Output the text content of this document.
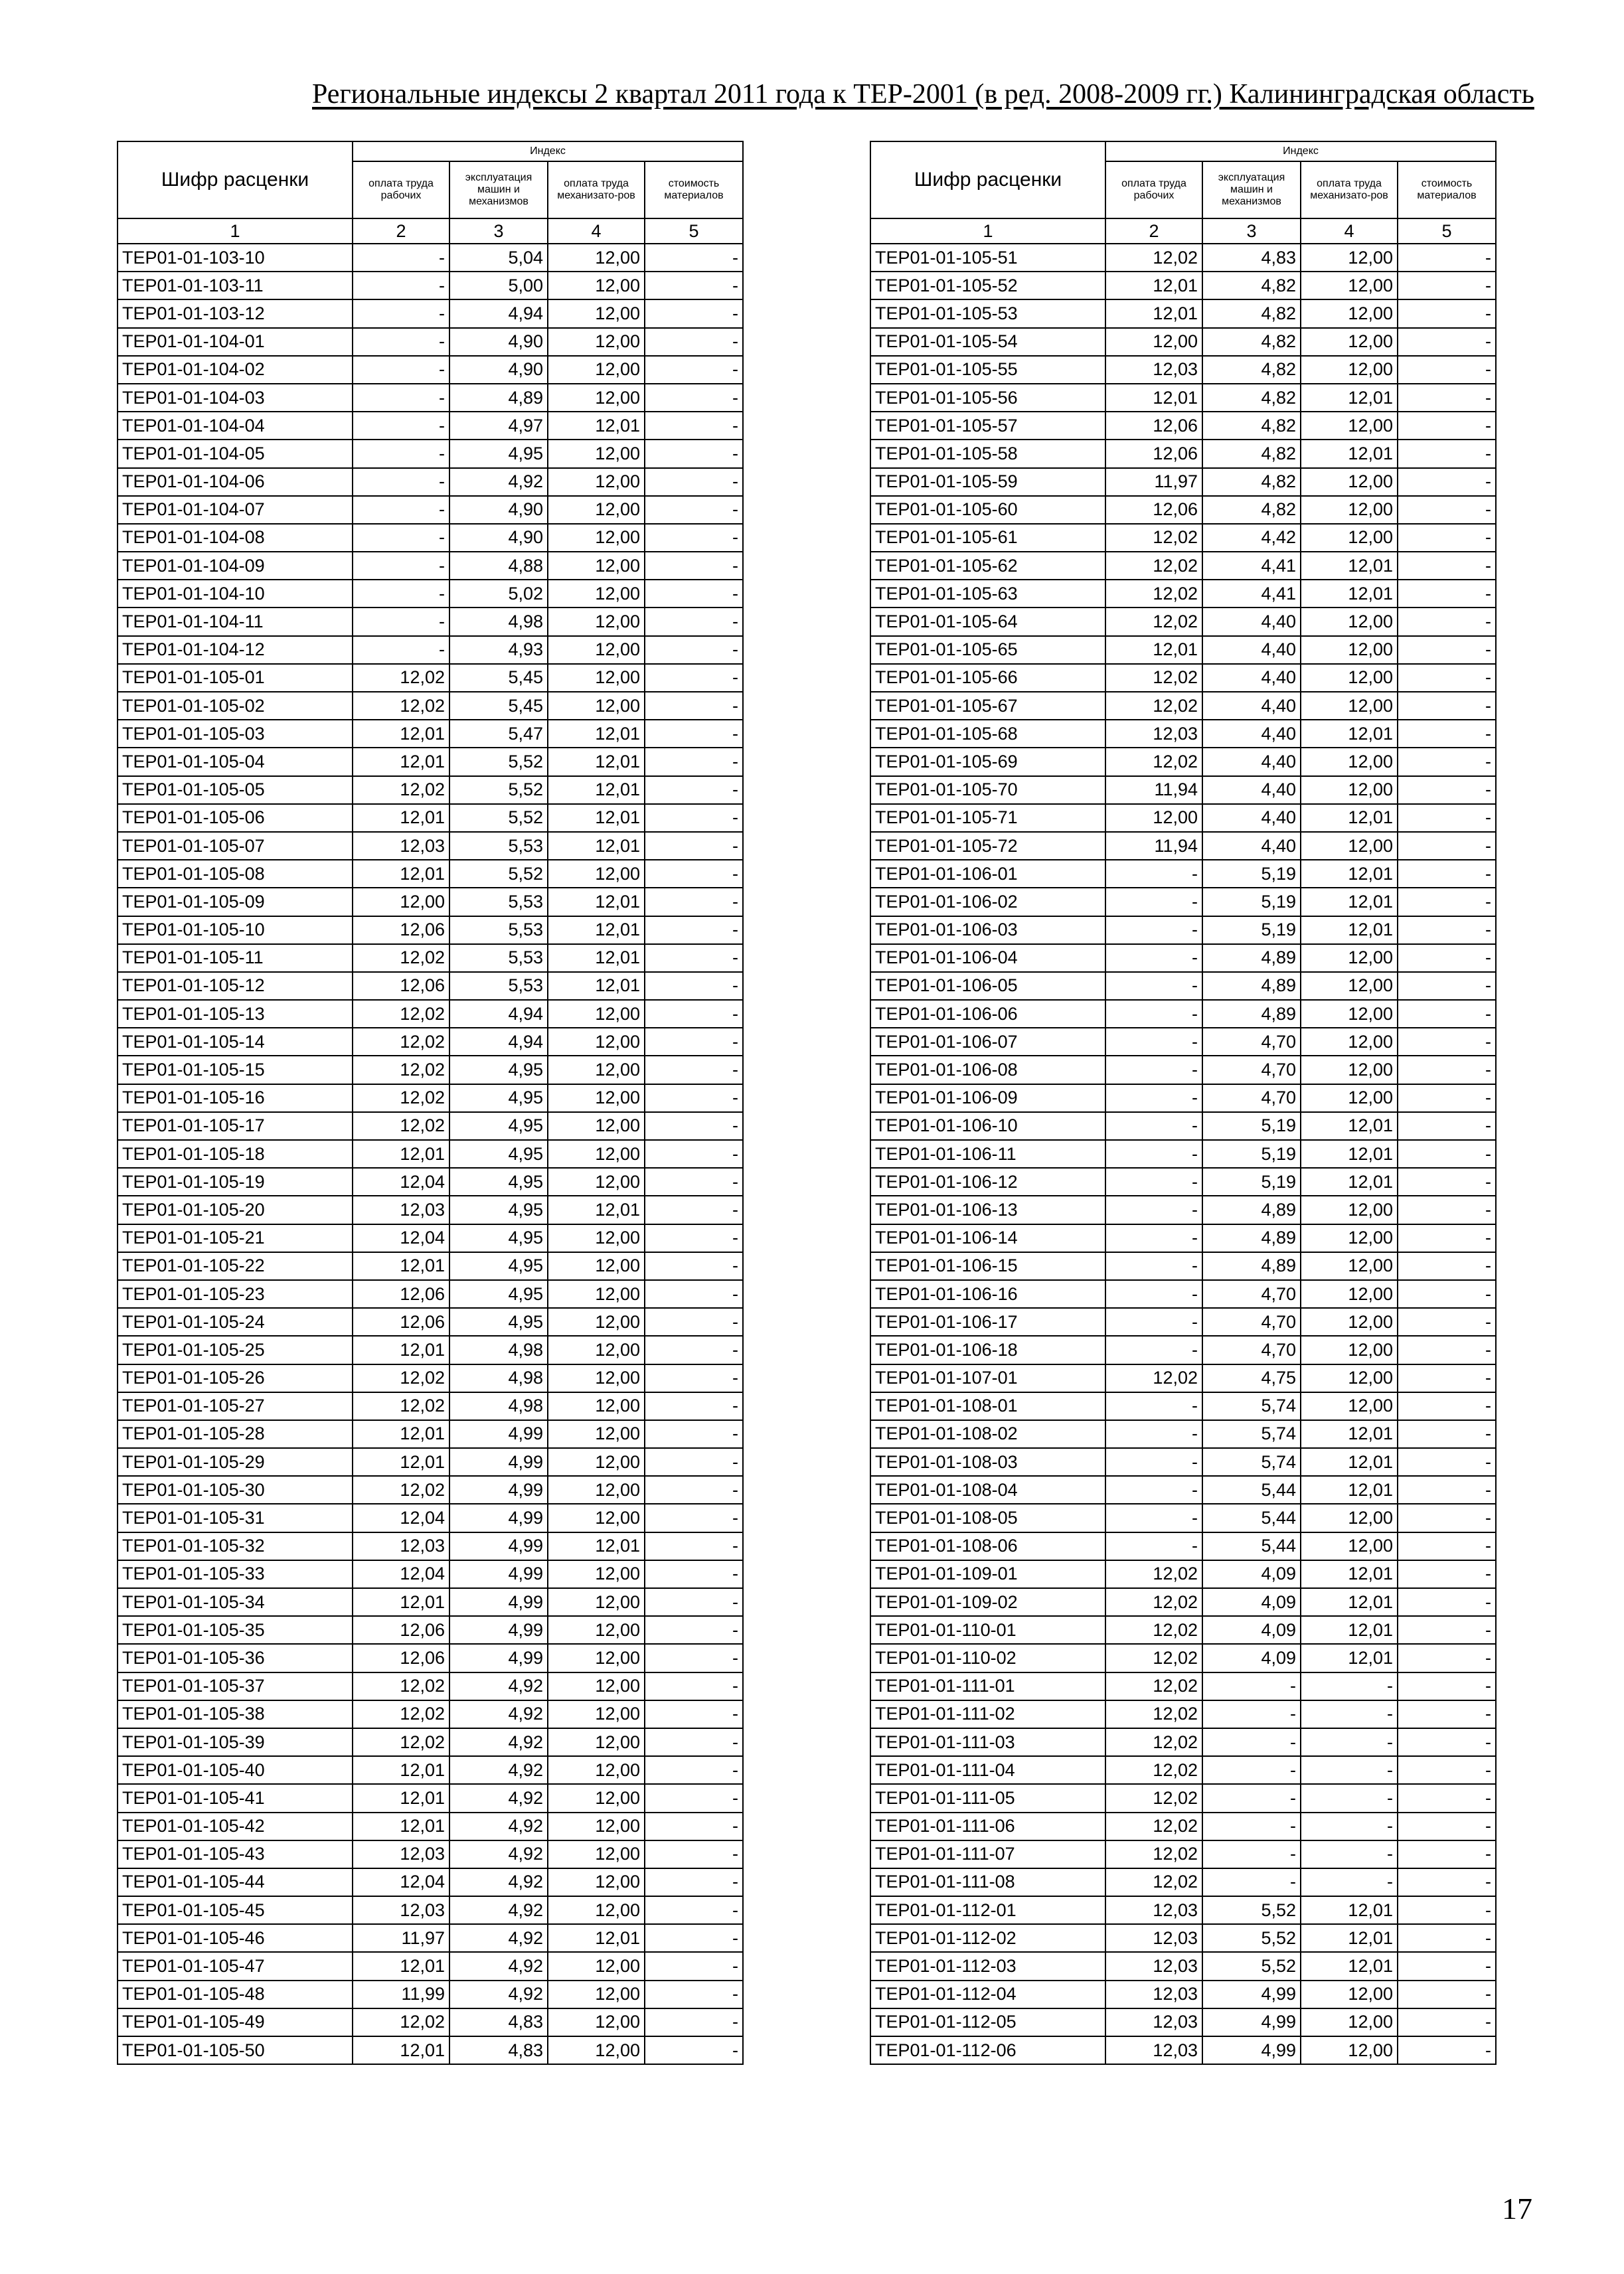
Региональные индексы 2 квартал 2011 года к ТЕР-2001 (в ред. 2008-2009 гг.) Калининградская область
Шифр расценки	Индекс			
	оплата труда рабочих	эксплуатация машин и механизмов	оплата труда механизато-ров	стоимость материалов
1	2	3	4	5
ТЕР01-01-103-10	-	5,04	12,00	-
ТЕР01-01-103-11	-	5,00	12,00	-
ТЕР01-01-103-12	-	4,94	12,00	-
ТЕР01-01-104-01	-	4,90	12,00	-
ТЕР01-01-104-02	-	4,90	12,00	-
ТЕР01-01-104-03	-	4,89	12,00	-
ТЕР01-01-104-04	-	4,97	12,01	-
ТЕР01-01-104-05	-	4,95	12,00	-
ТЕР01-01-104-06	-	4,92	12,00	-
ТЕР01-01-104-07	-	4,90	12,00	-
ТЕР01-01-104-08	-	4,90	12,00	-
ТЕР01-01-104-09	-	4,88	12,00	-
ТЕР01-01-104-10	-	5,02	12,00	-
ТЕР01-01-104-11	-	4,98	12,00	-
ТЕР01-01-104-12	-	4,93	12,00	-
ТЕР01-01-105-01	12,02	5,45	12,00	-
ТЕР01-01-105-02	12,02	5,45	12,00	-
ТЕР01-01-105-03	12,01	5,47	12,01	-
ТЕР01-01-105-04	12,01	5,52	12,01	-
ТЕР01-01-105-05	12,02	5,52	12,01	-
ТЕР01-01-105-06	12,01	5,52	12,01	-
ТЕР01-01-105-07	12,03	5,53	12,01	-
ТЕР01-01-105-08	12,01	5,52	12,00	-
ТЕР01-01-105-09	12,00	5,53	12,01	-
ТЕР01-01-105-10	12,06	5,53	12,01	-
ТЕР01-01-105-11	12,02	5,53	12,01	-
ТЕР01-01-105-12	12,06	5,53	12,01	-
ТЕР01-01-105-13	12,02	4,94	12,00	-
ТЕР01-01-105-14	12,02	4,94	12,00	-
ТЕР01-01-105-15	12,02	4,95	12,00	-
ТЕР01-01-105-16	12,02	4,95	12,00	-
ТЕР01-01-105-17	12,02	4,95	12,00	-
ТЕР01-01-105-18	12,01	4,95	12,00	-
ТЕР01-01-105-19	12,04	4,95	12,00	-
ТЕР01-01-105-20	12,03	4,95	12,01	-
ТЕР01-01-105-21	12,04	4,95	12,00	-
ТЕР01-01-105-22	12,01	4,95	12,00	-
ТЕР01-01-105-23	12,06	4,95	12,00	-
ТЕР01-01-105-24	12,06	4,95	12,00	-
ТЕР01-01-105-25	12,01	4,98	12,00	-
ТЕР01-01-105-26	12,02	4,98	12,00	-
ТЕР01-01-105-27	12,02	4,98	12,00	-
ТЕР01-01-105-28	12,01	4,99	12,00	-
ТЕР01-01-105-29	12,01	4,99	12,00	-
ТЕР01-01-105-30	12,02	4,99	12,00	-
ТЕР01-01-105-31	12,04	4,99	12,00	-
ТЕР01-01-105-32	12,03	4,99	12,01	-
ТЕР01-01-105-33	12,04	4,99	12,00	-
ТЕР01-01-105-34	12,01	4,99	12,00	-
ТЕР01-01-105-35	12,06	4,99	12,00	-
ТЕР01-01-105-36	12,06	4,99	12,00	-
ТЕР01-01-105-37	12,02	4,92	12,00	-
ТЕР01-01-105-38	12,02	4,92	12,00	-
ТЕР01-01-105-39	12,02	4,92	12,00	-
ТЕР01-01-105-40	12,01	4,92	12,00	-
ТЕР01-01-105-41	12,01	4,92	12,00	-
ТЕР01-01-105-42	12,01	4,92	12,00	-
ТЕР01-01-105-43	12,03	4,92	12,00	-
ТЕР01-01-105-44	12,04	4,92	12,00	-
ТЕР01-01-105-45	12,03	4,92	12,00	-
ТЕР01-01-105-46	11,97	4,92	12,01	-
ТЕР01-01-105-47	12,01	4,92	12,00	-
ТЕР01-01-105-48	11,99	4,92	12,00	-
ТЕР01-01-105-49	12,02	4,83	12,00	-
ТЕР01-01-105-50	12,01	4,83	12,00	-
Шифр расценки	Индекс			
	оплата труда рабочих	эксплуатация машин и механизмов	оплата труда механизато-ров	стоимость материалов
1	2	3	4	5
ТЕР01-01-105-51	12,02	4,83	12,00	-
ТЕР01-01-105-52	12,01	4,82	12,00	-
ТЕР01-01-105-53	12,01	4,82	12,00	-
ТЕР01-01-105-54	12,00	4,82	12,00	-
ТЕР01-01-105-55	12,03	4,82	12,00	-
ТЕР01-01-105-56	12,01	4,82	12,01	-
ТЕР01-01-105-57	12,06	4,82	12,00	-
ТЕР01-01-105-58	12,06	4,82	12,01	-
ТЕР01-01-105-59	11,97	4,82	12,00	-
ТЕР01-01-105-60	12,06	4,82	12,00	-
ТЕР01-01-105-61	12,02	4,42	12,00	-
ТЕР01-01-105-62	12,02	4,41	12,01	-
ТЕР01-01-105-63	12,02	4,41	12,01	-
ТЕР01-01-105-64	12,02	4,40	12,00	-
ТЕР01-01-105-65	12,01	4,40	12,00	-
ТЕР01-01-105-66	12,02	4,40	12,00	-
ТЕР01-01-105-67	12,02	4,40	12,00	-
ТЕР01-01-105-68	12,03	4,40	12,01	-
ТЕР01-01-105-69	12,02	4,40	12,00	-
ТЕР01-01-105-70	11,94	4,40	12,00	-
ТЕР01-01-105-71	12,00	4,40	12,01	-
ТЕР01-01-105-72	11,94	4,40	12,00	-
ТЕР01-01-106-01	-	5,19	12,01	-
ТЕР01-01-106-02	-	5,19	12,01	-
ТЕР01-01-106-03	-	5,19	12,01	-
ТЕР01-01-106-04	-	4,89	12,00	-
ТЕР01-01-106-05	-	4,89	12,00	-
ТЕР01-01-106-06	-	4,89	12,00	-
ТЕР01-01-106-07	-	4,70	12,00	-
ТЕР01-01-106-08	-	4,70	12,00	-
ТЕР01-01-106-09	-	4,70	12,00	-
ТЕР01-01-106-10	-	5,19	12,01	-
ТЕР01-01-106-11	-	5,19	12,01	-
ТЕР01-01-106-12	-	5,19	12,01	-
ТЕР01-01-106-13	-	4,89	12,00	-
ТЕР01-01-106-14	-	4,89	12,00	-
ТЕР01-01-106-15	-	4,89	12,00	-
ТЕР01-01-106-16	-	4,70	12,00	-
ТЕР01-01-106-17	-	4,70	12,00	-
ТЕР01-01-106-18	-	4,70	12,00	-
ТЕР01-01-107-01	12,02	4,75	12,00	-
ТЕР01-01-108-01	-	5,74	12,00	-
ТЕР01-01-108-02	-	5,74	12,01	-
ТЕР01-01-108-03	-	5,74	12,01	-
ТЕР01-01-108-04	-	5,44	12,01	-
ТЕР01-01-108-05	-	5,44	12,00	-
ТЕР01-01-108-06	-	5,44	12,00	-
ТЕР01-01-109-01	12,02	4,09	12,01	-
ТЕР01-01-109-02	12,02	4,09	12,01	-
ТЕР01-01-110-01	12,02	4,09	12,01	-
ТЕР01-01-110-02	12,02	4,09	12,01	-
ТЕР01-01-111-01	12,02	-	-	-
ТЕР01-01-111-02	12,02	-	-	-
ТЕР01-01-111-03	12,02	-	-	-
ТЕР01-01-111-04	12,02	-	-	-
ТЕР01-01-111-05	12,02	-	-	-
ТЕР01-01-111-06	12,02	-	-	-
ТЕР01-01-111-07	12,02	-	-	-
ТЕР01-01-111-08	12,02	-	-	-
ТЕР01-01-112-01	12,03	5,52	12,01	-
ТЕР01-01-112-02	12,03	5,52	12,01	-
ТЕР01-01-112-03	12,03	5,52	12,01	-
ТЕР01-01-112-04	12,03	4,99	12,00	-
ТЕР01-01-112-05	12,03	4,99	12,00	-
ТЕР01-01-112-06	12,03	4,99	12,00	-
17
